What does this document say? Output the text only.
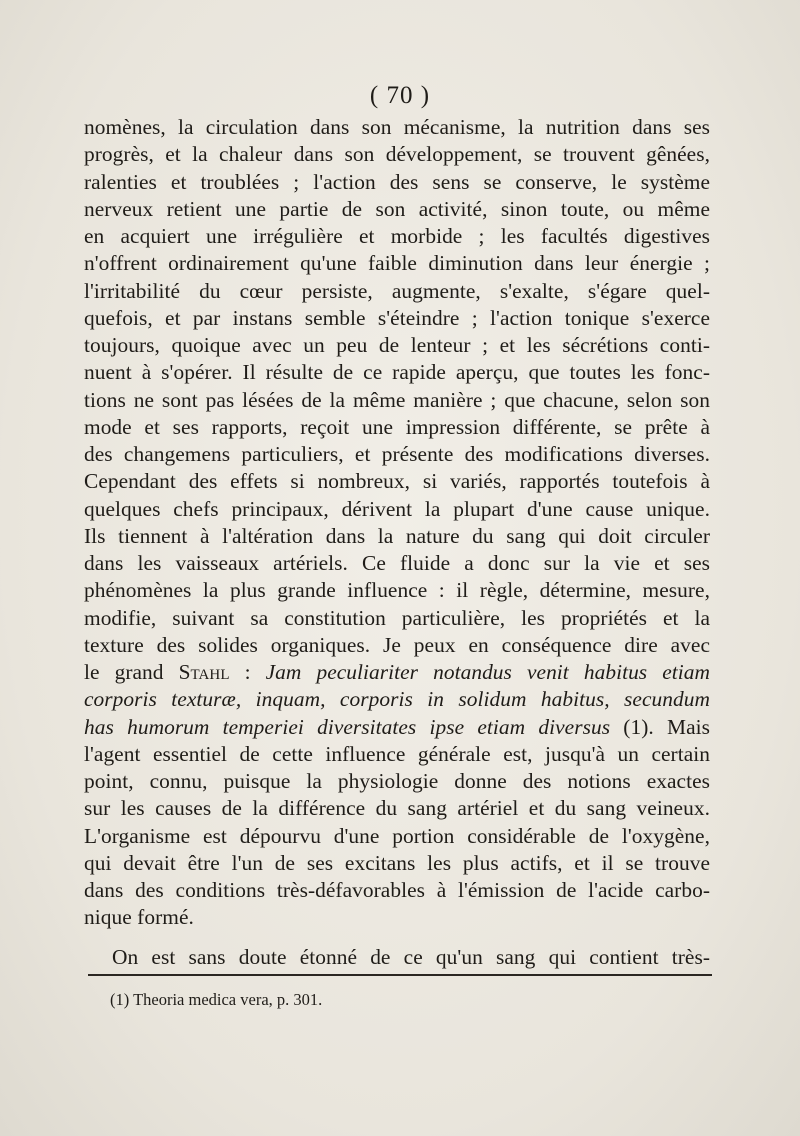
( 70 )
nomènes, la circulation dans son mécanisme, la nutrition dans ses
progrès, et la chaleur dans son développement, se trouvent gênées,
ralenties et troublées ; l'action des sens se conserve, le système
nerveux retient une partie de son activité, sinon toute, ou même
en acquiert une irrégulière et morbide ; les facultés digestives
n'offrent ordinairement qu'une faible diminution dans leur énergie ;
l'irritabilité du cœur persiste, augmente, s'exalte, s'égare quel-
quefois, et par instans semble s'éteindre ; l'action tonique s'exerce
toujours, quoique avec un peu de lenteur ; et les sécrétions conti-
nuent à s'opérer. Il résulte de ce rapide aperçu, que toutes les fonc-
tions ne sont pas lésées de la même manière ; que chacune, selon son
mode et ses rapports, reçoit une impression différente, se prête à
des changemens particuliers, et présente des modifications diverses.
Cependant des effets si nombreux, si variés, rapportés toutefois à
quelques chefs principaux, dérivent la plupart d'une cause unique.
Ils tiennent à l'altération dans la nature du sang qui doit circuler
dans les vaisseaux artériels. Ce fluide a donc sur la vie et ses
phénomènes la plus grande influence : il règle, détermine, mesure,
modifie, suivant sa constitution particulière, les propriétés et la
texture des solides organiques. Je peux en conséquence dire avec
le grand Stahl : Jam peculiariter notandus venit habitus etiam
corporis texturæ, inquam, corporis in solidum habitus, secundum
has humorum temperiei diversitates ipse etiam diversus (1). Mais
l'agent essentiel de cette influence générale est, jusqu'à un certain
point, connu, puisque la physiologie donne des notions exactes
sur les causes de la différence du sang artériel et du sang veineux.
L'organisme est dépourvu d'une portion considérable de l'oxygène,
qui devait être l'un de ses excitans les plus actifs, et il se trouve
dans des conditions très-défavorables à l'émission de l'acide carbo-
nique formé.
On est sans doute étonné de ce qu'un sang qui contient très-
(1) Theoria medica vera, p. 301.
